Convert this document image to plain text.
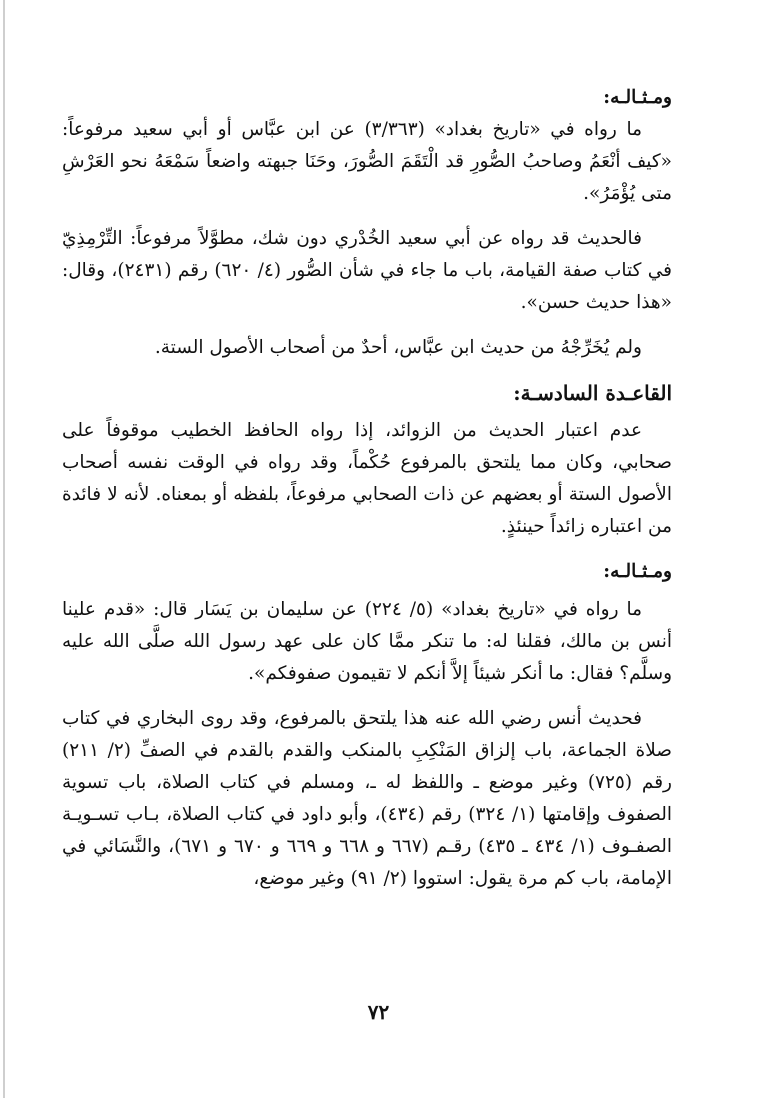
ومـثـالـه:

ما رواه في «تاريخ بغداد» (٣/٣٦٣) عن ابن عبَّاس أو أبي سعيد مرفوعاً: «كيف أنْعَمُ وصاحبُ الصُّورِ قد الْتَقَمَ الصُّورَ، وحَنَا جبهته واضعاً سَمْعَهُ نحو العَرْشِ متى يُؤْمَرُ».

فالحديث قد رواه عن أبي سعيد الخُدْري دون شك، مطوَّلاً مرفوعاً: التِّرْمِذِيّ في كتاب صفة القيامة، باب ما جاء في شأن الصُّور (٤/ ٦٢٠) رقم (٢٤٣١)، وقال: «هذا حديث حسن».

ولم يُخَرِّجْهُ من حديث ابن عبَّاس، أحدٌ من أصحاب الأصول الستة.

القاعـدة السادسـة:

عدم اعتبار الحديث من الزوائد، إذا رواه الحافظ الخطيب موقوفاً على صحابي، وكان مما يلتحق بالمرفوع حُكْماً، وقد رواه في الوقت نفسه أصحاب الأصول الستة أو بعضهم عن ذات الصحابي مرفوعاً، بلفظه أو بمعناه. لأنه لا فائدة من اعتباره زائداً حينئذٍ.

ومـثـالـه:

ما رواه في «تاريخ بغداد» (٥/ ٢٢٤) عن سليمان بن يَسَار قال: «قدم علينا أنس بن مالك، فقلنا له: ما تنكر ممَّا كان على عهد رسول الله صلَّى الله عليه وسلَّم؟ فقال: ما أنكر شيئاً إلاَّ أنكم لا تقيمون صفوفكم».

فحديث أنس رضي الله عنه هذا يلتحق بالمرفوع، وقد روى البخاري في كتاب صلاة الجماعة، باب إلزاق المَنْكِبِ بالمنكب والقدم بالقدم في الصفِّ (٢/ ٢١١) رقم (٧٢٥) وغير موضع ـ واللفظ له ـ، ومسلم في كتاب الصلاة، باب تسوية الصفوف وإقامتها (١/ ٣٢٤) رقم (٤٣٤)، وأبو داود في كتاب الصلاة، بـاب تسـويـة الصفـوف (١/ ٤٣٤ ـ ٤٣٥) رقـم (٦٦٧ و ٦٦٨ و ٦٦٩ و ٦٧٠ و ٦٧١)، والنَّسَائي في الإمامة، باب كم مرة يقول: استووا (٢/ ٩١) وغير موضع،

٧٢
